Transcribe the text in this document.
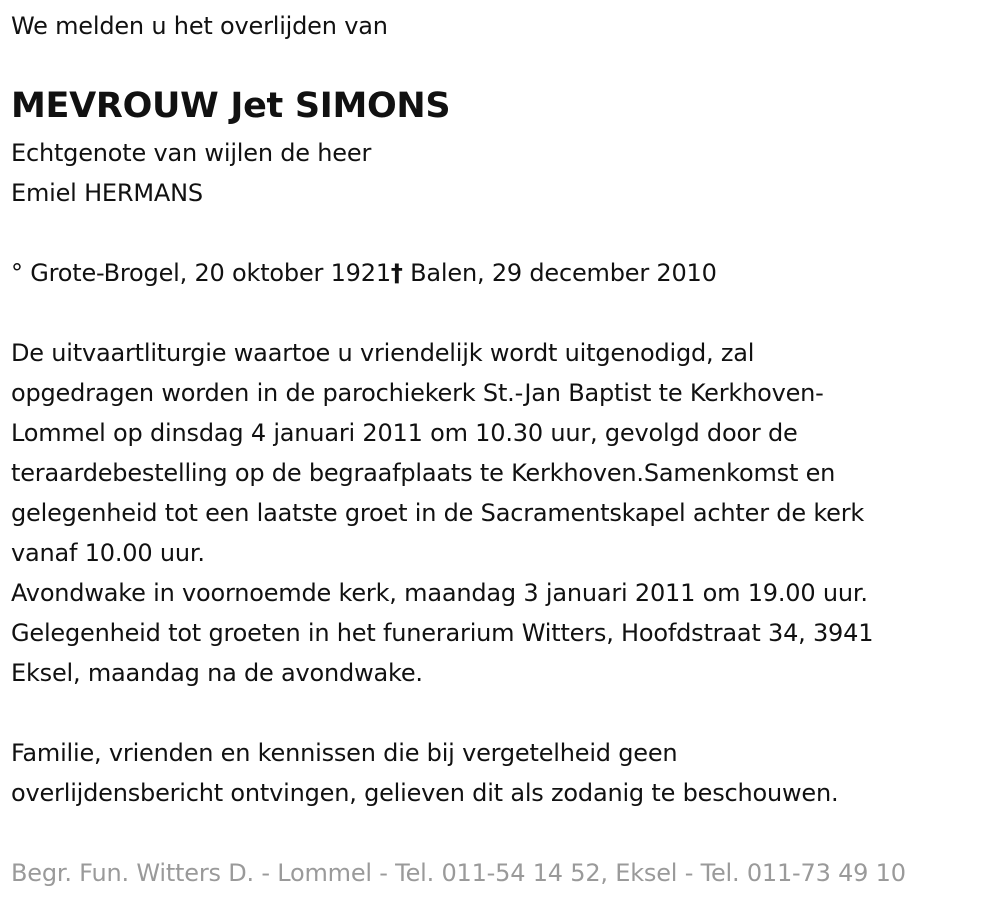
We melden u het overlijden van
MEVROUW Jet SIMONS
Echtgenote van wijlen de heer
Emiel HERMANS
° Grote-Brogel, 20 oktober 1921† Balen, 29 december 2010
De uitvaartliturgie waartoe u vriendelijk wordt uitgenodigd, zal
opgedragen worden in de parochiekerk St.-Jan Baptist te Kerkhoven-
Lommel op dinsdag 4 januari 2011 om 10.30 uur, gevolgd door de
teraardebestelling op de begraafplaats te Kerkhoven.Samenkomst en
gelegenheid tot een laatste groet in de Sacramentskapel achter de kerk
vanaf 10.00 uur.
Avondwake in voornoemde kerk, maandag 3 januari 2011 om 19.00 uur.
Gelegenheid tot groeten in het funerarium Witters, Hoofdstraat 34, 3941
Eksel, maandag na de avondwake.
Familie, vrienden en kennissen die bij vergetelheid geen
overlijdensbericht ontvingen, gelieven dit als zodanig te beschouwen.
Begr. Fun. Witters D. - Lommel - Tel. 011-54 14 52, Eksel - Tel. 011-73 49 10
